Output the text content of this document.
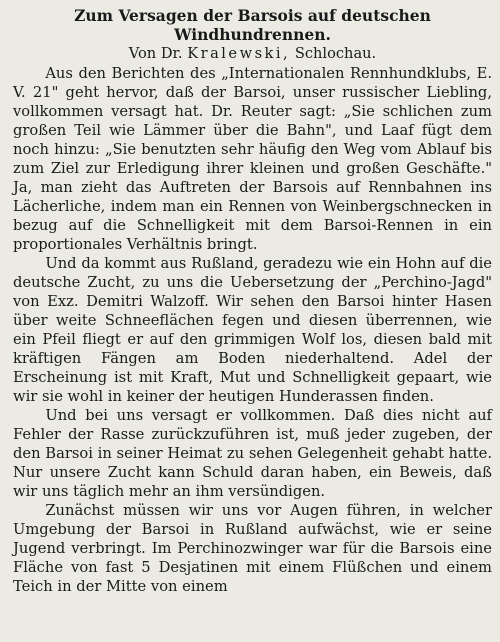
Zum Versagen der Barsois auf deutschen Windhundrennen.
Von Dr. Kralewski, Schlochau.

Aus den Berichten des „Internationalen Rennhundklubs, E. V. 21" geht hervor, daß der Barsoi, unser russischer Liebling, vollkommen versagt hat. Dr. Reuter sagt: „Sie schlichen zum großen Teil wie Lämmer über die Bahn", und Laaf fügt dem noch hinzu: „Sie benutzten sehr häufig den Weg vom Ablauf bis zum Ziel zur Erledigung ihrer kleinen und großen Geschäfte." Ja, man zieht das Auftreten der Barsois auf Rennbahnen ins Lächerliche, indem man ein Rennen von Weinbergschnecken in bezug auf die Schnelligkeit mit dem Barsoi-Rennen in ein proportionales Verhältnis bringt.

Und da kommt aus Rußland, geradezu wie ein Hohn auf die deutsche Zucht, zu uns die Uebersetzung der „Perchino-Jagd" von Exz. Demitri Walzoff. Wir sehen den Barsoi hinter Hasen über weite Schneeflächen fegen und diesen überrennen, wie ein Pfeil fliegt er auf den grimmigen Wolf los, diesen bald mit kräftigen Fängen am Boden niederhaltend. Adel der Erscheinung ist mit Kraft, Mut und Schnelligkeit gepaart, wie wir sie wohl in keiner der heutigen Hunderassen finden.

Und bei uns versagt er vollkommen. Daß dies nicht auf Fehler der Rasse zurückzuführen ist, muß jeder zugeben, der den Barsoi in seiner Heimat zu sehen Gelegenheit gehabt hatte. Nur unsere Zucht kann Schuld daran haben, ein Beweis, daß wir uns täglich mehr an ihm versündigen.

Zunächst müssen wir uns vor Augen führen, in welcher Umgebung der Barsoi in Rußland aufwächst, wie er seine Jugend verbringt. Im Perchinozwinger war für die Barsois eine Fläche von fast 5 Desjatinen mit einem Flüßchen und einem Teich in der Mitte von einem
